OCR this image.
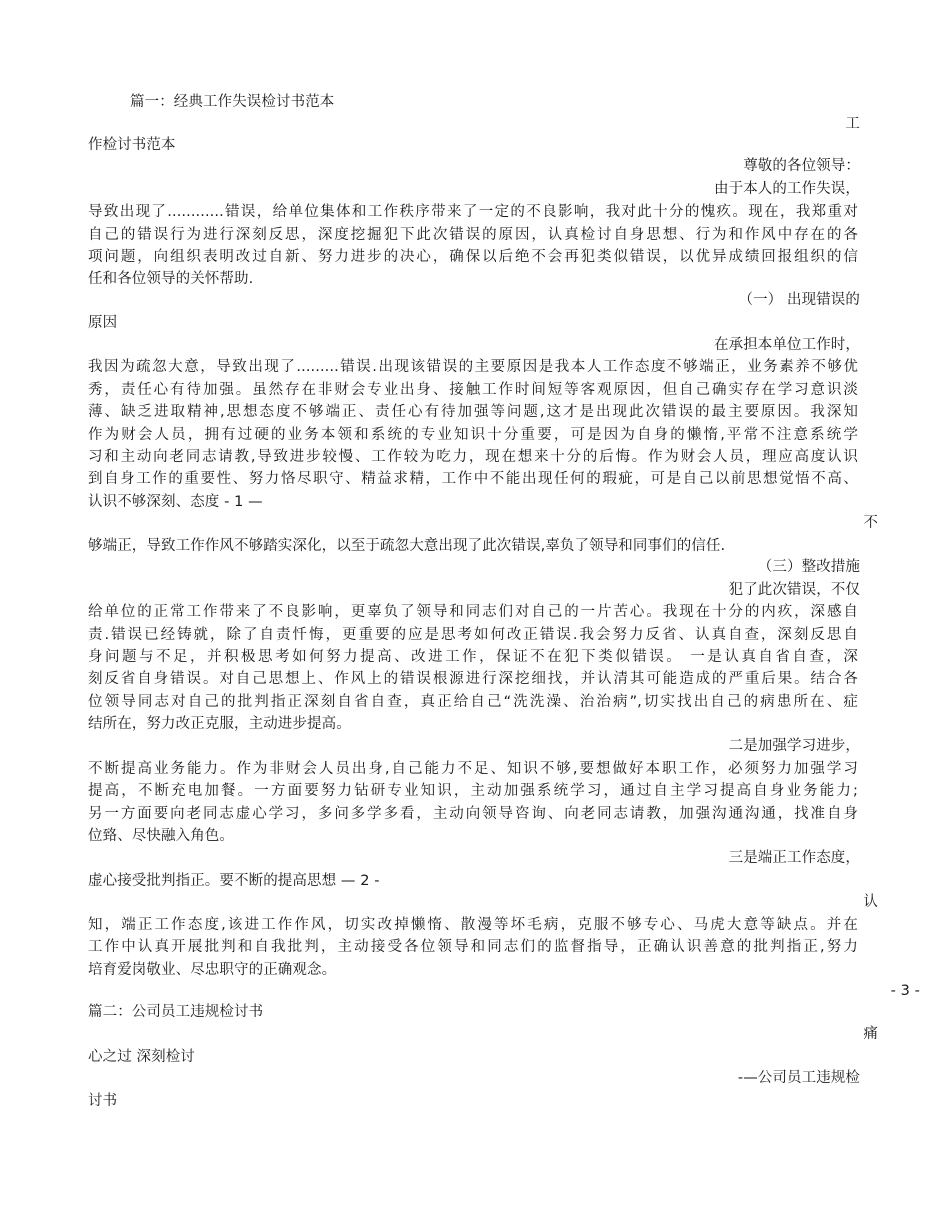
篇一：经典工作失误检讨书范本
工
作检讨书范本
尊敬的各位领导：
由于本人的工作失误，
导致出现了............错误，给单位集体和工作秩序带来了一定的不良影响，我对此十分的愧疚。现在，我郑重对
自己的错误行为进行深刻反思，深度挖掘犯下此次错误的原因，认真检讨自身思想、行为和作风中存在的各
项问题，向组织表明改过自新、努力进步的决心，确保以后绝不会再犯类似错误，以优异成绩回报组织的信
任和各位领导的关怀帮助.
（一） 出现错误的
原因
在承担本单位工作时，
我因为疏忽大意，导致出现了.........错误.出现该错误的主要原因是我本人工作态度不够端正，业务素养不够优
秀，责任心有待加强。虽然存在非财会专业出身、接触工作时间短等客观原因，但自己确实存在学习意识淡
薄、缺乏进取精神,思想态度不够端正、责任心有待加强等问题,这才是出现此次错误的最主要原因。我深知
作为财会人员，拥有过硬的业务本领和系统的专业知识十分重要，可是因为自身的懒惰,平常不注意系统学
习和主动向老同志请教,导致进步较慢、工作较为吃力，现在想来十分的后悔。作为财会人员，理应高度认识
到自身工作的重要性、努力恪尽职守、精益求精，工作中不能出现任何的瑕疵，可是自己以前思想觉悟不高、
认识不够深刻、态度 - 1 —
不
够端正，导致工作作风不够踏实深化，以至于疏忽大意出现了此次错误,辜负了领导和同事们的信任.
（三）整改措施
犯了此次错误，不仅
给单位的正常工作带来了不良影响，更辜负了领导和同志们对自己的一片苦心。我现在十分的内疚，深感自
责.错误已经铸就，除了自责忏悔，更重要的应是思考如何改正错误.我会努力反省、认真自查，深刻反思自
身问题与不足，并积极思考如何努力提高、改进工作，保证不在犯下类似错误。 一是认真自省自查，深
刻反省自身错误。对自己思想上、作风上的错误根源进行深挖细找，并认清其可能造成的严重后果。结合各
位领导同志对自己的批判指正深刻自省自查，真正给自己“洗洗澡、治治病”,切实找出自己的病患所在、症
结所在，努力改正克服，主动进步提高。
二是加强学习进步，
不断提高业务能力。作为非财会人员出身,自己能力不足、知识不够,要想做好本职工作，必须努力加强学习
提高，不断充电加餐。一方面要努力钻研专业知识，主动加强系统学习，通过自主学习提高自身业务能力;
另一方面要向老同志虚心学习，多问多学多看，主动向领导咨询、向老同志请教，加强沟通沟通，找准自身
位臵、尽快融入角色。
三是端正工作态度，
虚心接受批判指正。要不断的提高思想 — 2 -
认
知，端正工作态度,该进工作作风，切实改掉懒惰、散漫等坏毛病，克服不够专心、马虎大意等缺点。并在
工作中认真开展批判和自我批判，主动接受各位领导和同志们的监督指导，正确认识善意的批判指正,努力
培育爱岗敬业、尽忠职守的正确观念。
- 3 -
篇二：公司员工违规检讨书
痛
心之过 深刻检讨
-—公司员工违规检
讨书
